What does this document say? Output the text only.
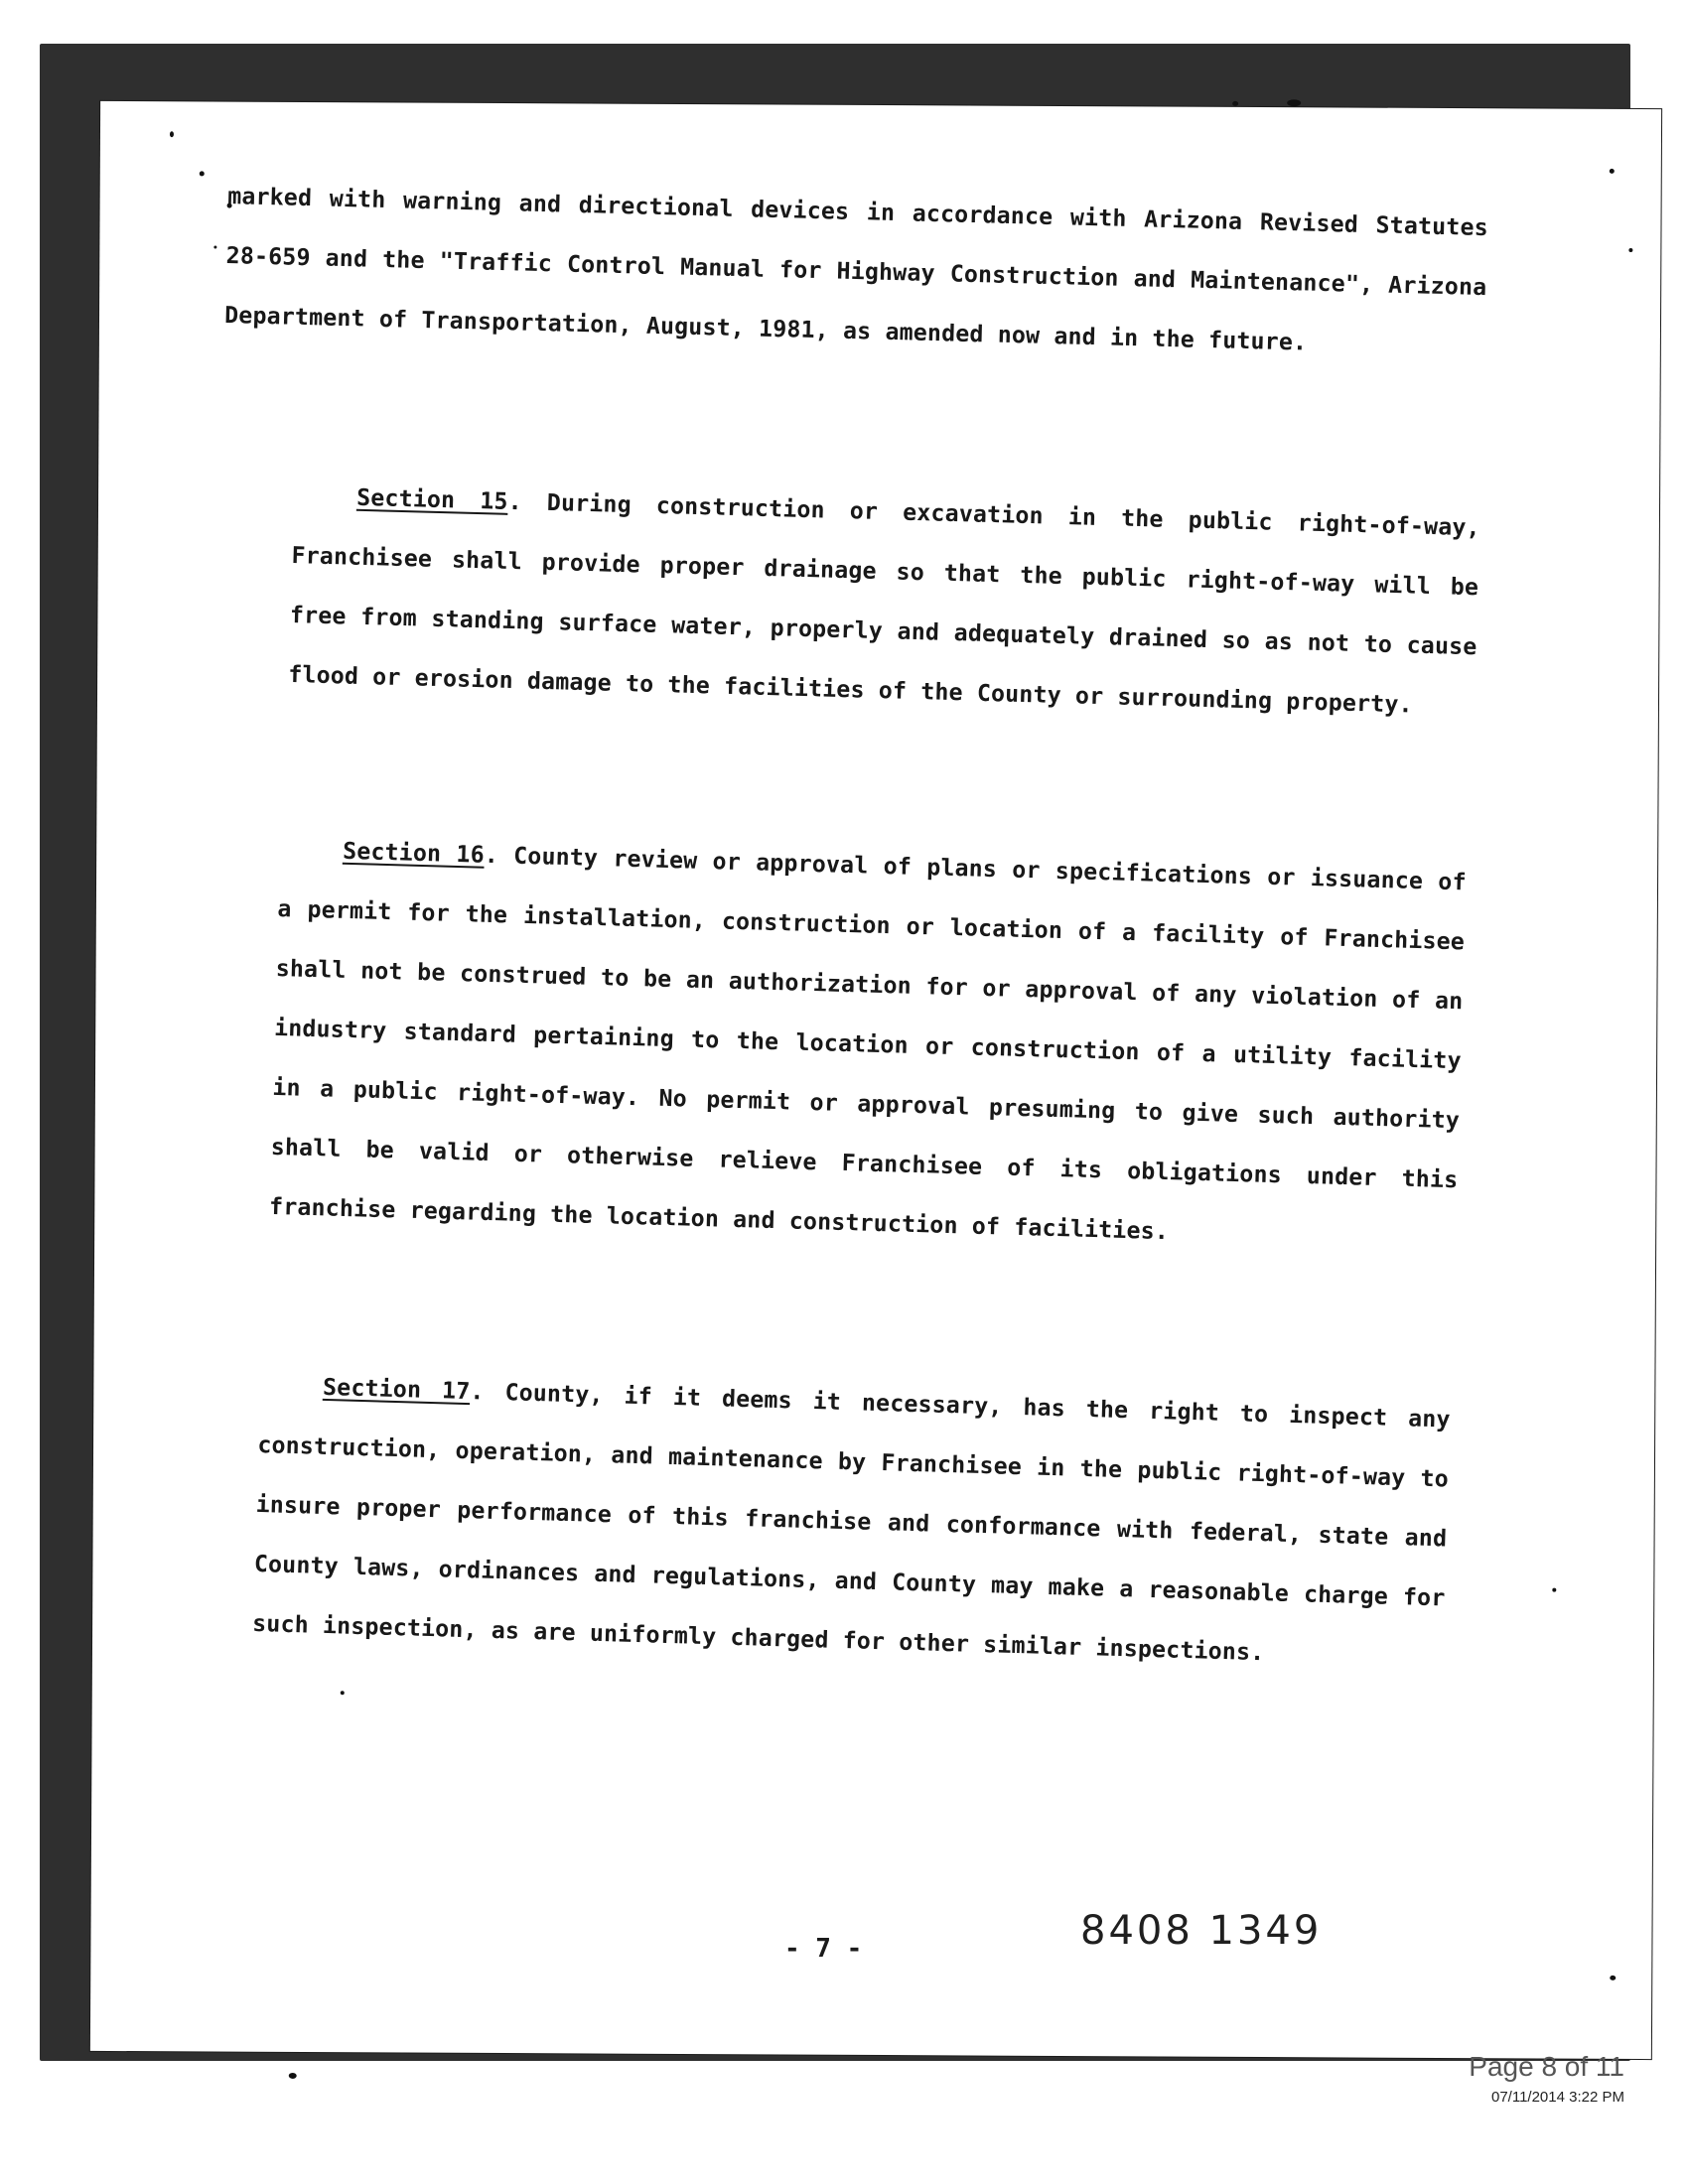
marked with warning and directional devices in accordance with Arizona Revised Statutes 28-659 and the "Traffic Control Manual for Highway Construction and Maintenance", Arizona Department of Transportation, August, 1981, as amended now and in the future.

Section 15. During construction or excavation in the public right-of-way, Franchisee shall provide proper drainage so that the public right-of-way will be free from standing surface water, properly and adequately drained so as not to cause flood or erosion damage to the facilities of the County or surrounding property.

Section 16. County review or approval of plans or specifications or issuance of a permit for the installation, construction or location of a facility of Franchisee shall not be construed to be an authorization for or approval of any violation of an industry standard pertaining to the location or construction of a utility facility in a public right-of-way. No permit or approval presuming to give such authority shall be valid or otherwise relieve Franchisee of its obligations under this franchise regarding the location and construction of facilities.

Section 17. County, if it deems it necessary, has the right to inspect any construction, operation, and maintenance by Franchisee in the public right-of-way to insure proper performance of this franchise and conformance with federal, state and County laws, ordinances and regulations, and County may make a reasonable charge for such inspection, as are uniformly charged for other similar inspections.

- 7 -	8408 1349
Page 8 of 11
07/11/2014 3:22 PM
